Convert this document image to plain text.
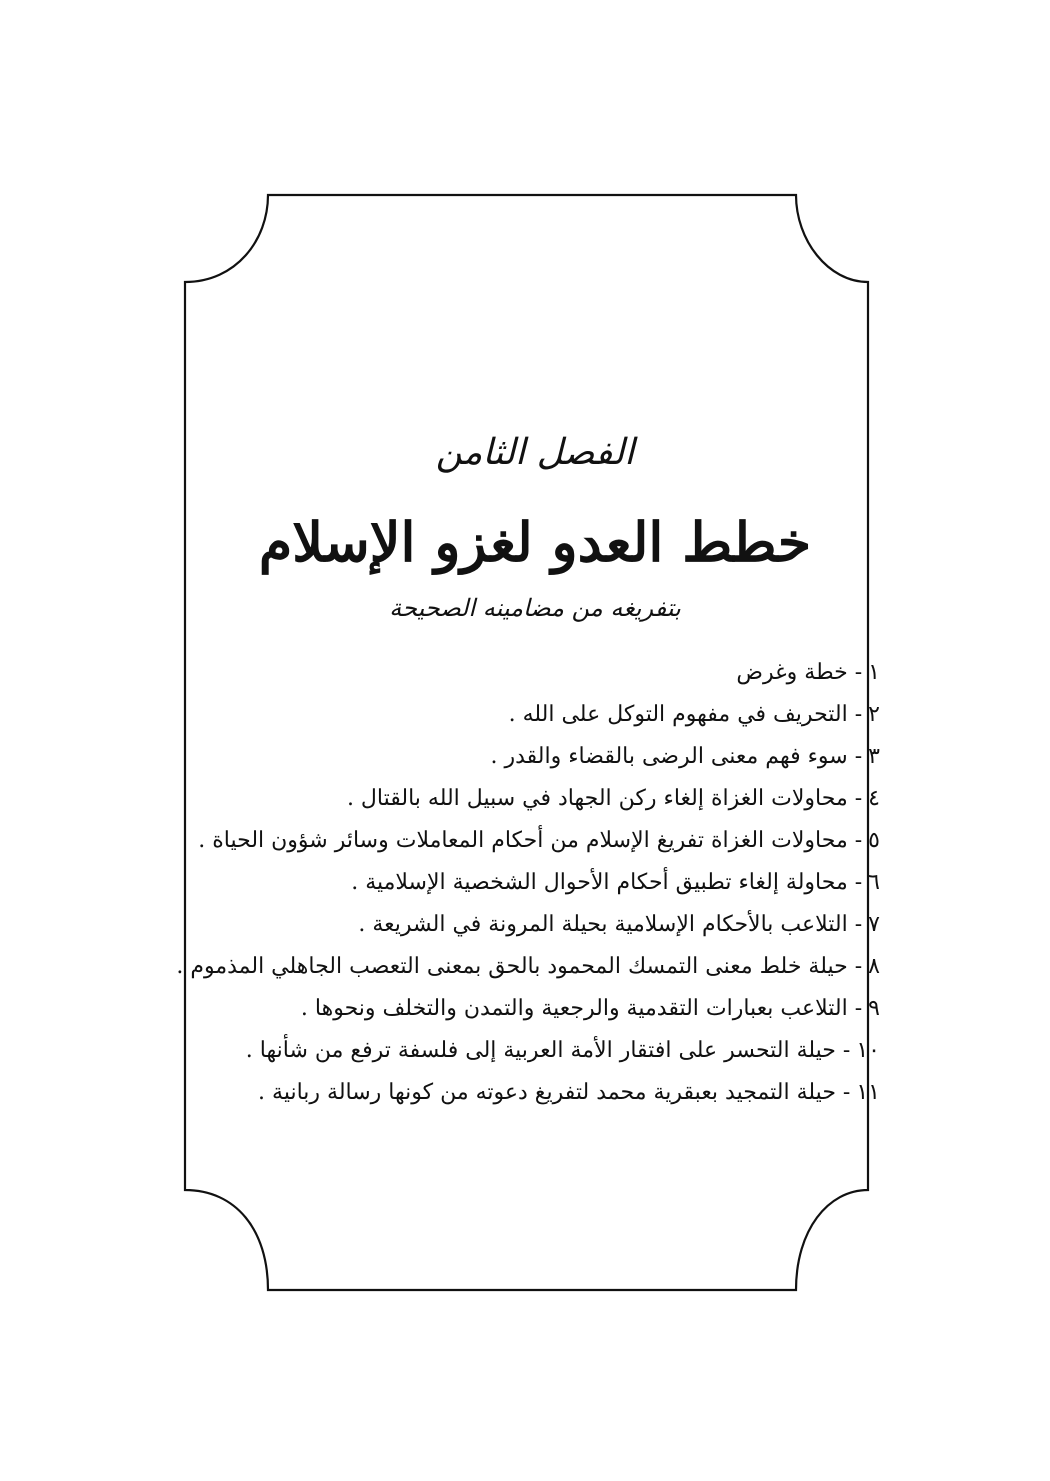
الفصل الثامن
خطط العدو لغزو الإسلام
بتفريغه من مضامينه الصحيحة
١- خطة وغرض
٢- التحريف في مفهوم التوكل على الله .
٣- سوء فهم معنى الرضى بالقضاء والقدر .
٤- محاولات الغزاة إلغاء ركن الجهاد في سبيل الله بالقتال .
٥- محاولات الغزاة تفريغ الإسلام من أحكام المعاملات وسائر شؤون الحياة .
٦- محاولة إلغاء تطبيق أحكام الأحوال الشخصية الإسلامية .
٧- التلاعب بالأحكام الإسلامية بحيلة المرونة في الشريعة .
٨- حيلة خلط معنى التمسك المحمود بالحق بمعنى التعصب الجاهلي المذموم .
٩- التلاعب بعبارات التقدمية والرجعية والتمدن والتخلف ونحوها .
١٠- حيلة التحسر على افتقار الأمة العربية إلى فلسفة ترفع من شأنها .
١١- حيلة التمجيد بعبقرية محمد لتفريغ دعوته من كونها رسالة ربانية .
